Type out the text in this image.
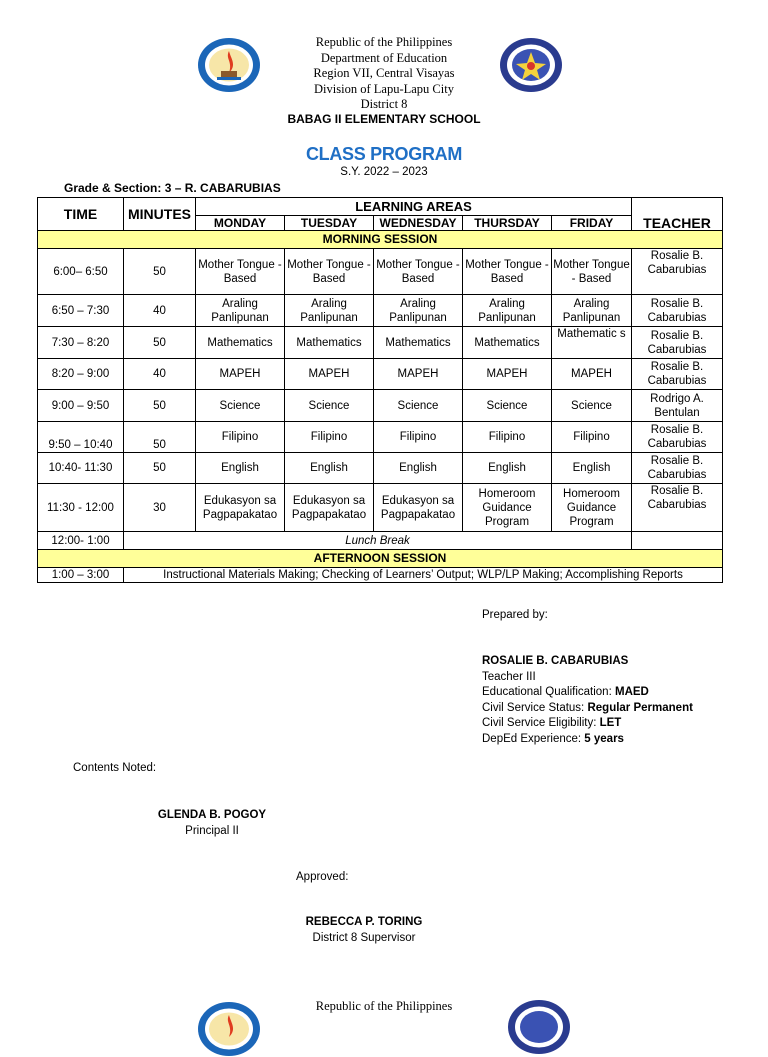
Republic of the Philippines
Department of Education
Region VII, Central Visayas
Division of Lapu-Lapu City
District 8
BABAG II ELEMENTARY SCHOOL
CLASS PROGRAM
S.Y. 2022 – 2023
Grade & Section: 3 – R. CABARUBIAS
TIME	MINUTES	LEARNING AREAS					TEACHER
		MONDAY	TUESDAY	WEDNESDAY	THURSDAY	FRIDAY	
MORNING SESSION							
6:00– 6:50	50	Mother Tongue - Based	Mother Tongue - Based	Mother Tongue - Based	Mother Tongue - Based	Mother Tongue - Based	Rosalie B. Cabarubias
6:50 – 7:30	40	Araling Panlipunan	Araling Panlipunan	Araling Panlipunan	Araling Panlipunan	Araling Panlipunan	Rosalie B. Cabarubias
7:30 – 8:20	50	Mathematics	Mathematics	Mathematics	Mathematics	Mathematic s	Rosalie B. Cabarubias
8:20 – 9:00	40	MAPEH	MAPEH	MAPEH	MAPEH	MAPEH	Rosalie B. Cabarubias
9:00 – 9:50	50	Science	Science	Science	Science	Science	Rodrigo A. Bentulan
9:50 – 10:40	50	Filipino	Filipino	Filipino	Filipino	Filipino	Rosalie B. Cabarubias
10:40- 11:30	50	English	English	English	English	English	Rosalie B. Cabarubias
11:30 - 12:00	30	Edukasyon sa Pagpapakatao	Edukasyon sa Pagpapakatao	Edukasyon sa Pagpapakatao	Homeroom Guidance Program	Homeroom Guidance Program	Rosalie B. Cabarubias
12:00- 1:00	Lunch Break						
AFTERNOON SESSION							
1:00 – 3:00	Instructional Materials Making; Checking of Learners’ Output; WLP/LP Making; Accomplishing Reports						
Prepared by:
ROSALIE B. CABARUBIAS
Teacher III
Educational Qualification: MAED
Civil Service Status: Regular Permanent
Civil Service Eligibility: LET
DepEd Experience: 5 years
Contents Noted:
GLENDA B. POGOY
Principal II
Approved:
REBECCA P. TORING
District 8 Supervisor
Republic of the Philippines
